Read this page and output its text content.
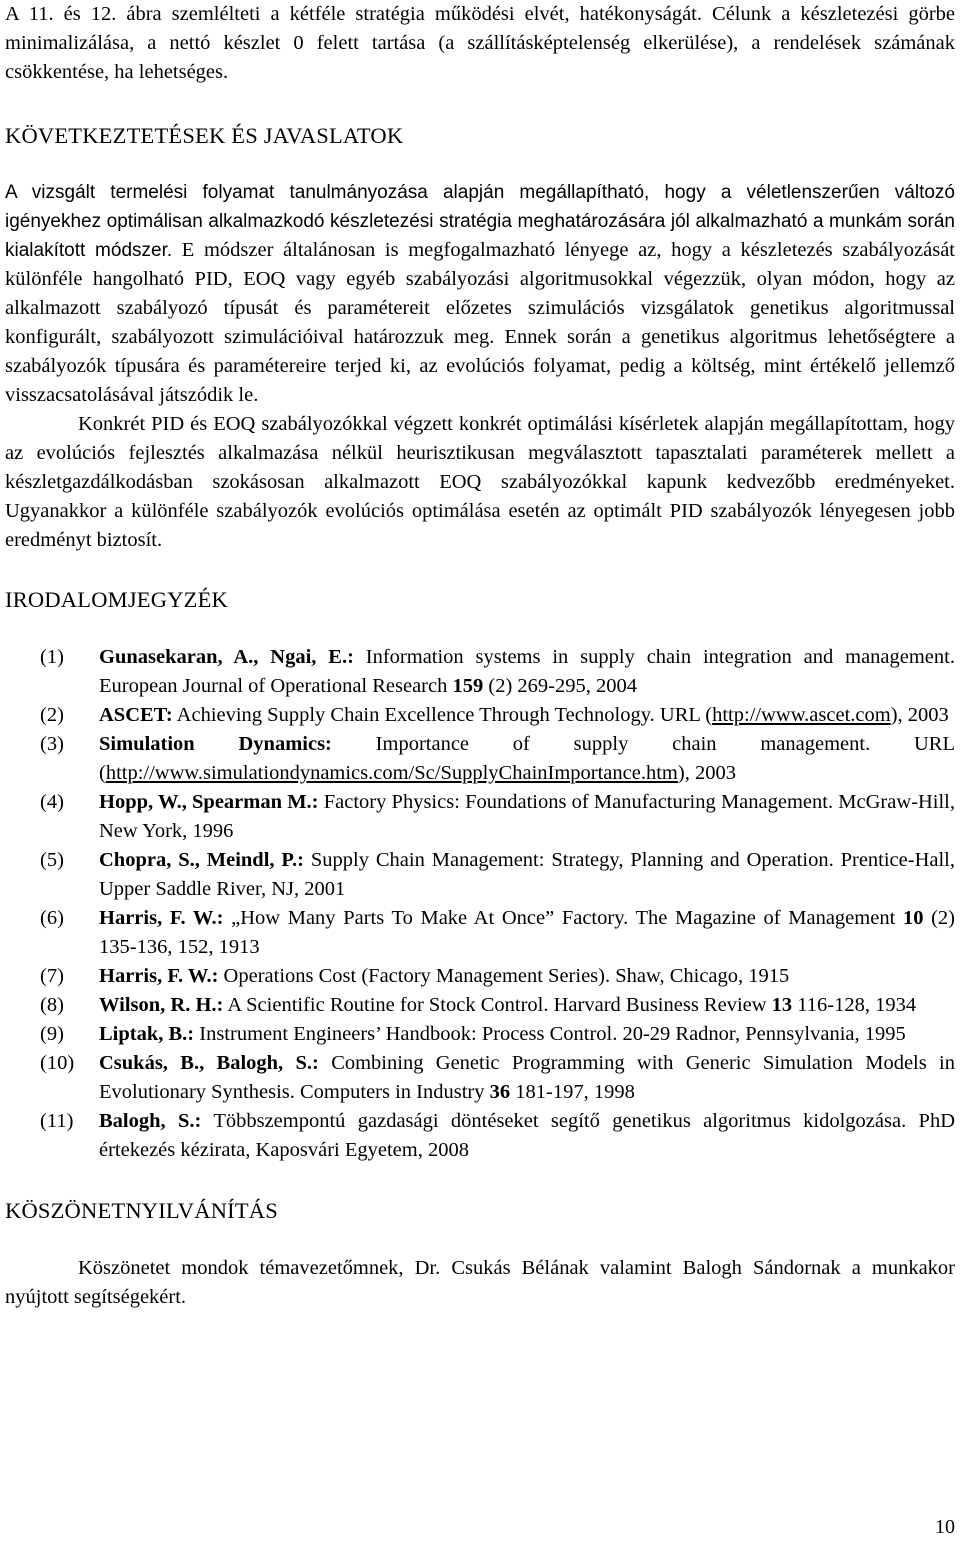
A 11. és 12. ábra szemlélteti a kétféle stratégia működési elvét, hatékonyságát. Célunk a készletezési görbe minimalizálása, a nettó készlet 0 felett tartása (a szállításképtelenség elkerülése), a rendelések számának csökkentése, ha lehetséges.

KÖVETKEZTETÉSEK ÉS JAVASLATOK

A vizsgált termelési folyamat tanulmányozása alapján megállapítható, hogy a véletlenszerűen változó igényekhez optimálisan alkalmazkodó készletezési stratégia meghatározására jól alkalmazható a munkám során kialakított módszer. E módszer általánosan is megfogalmazható lényege az, hogy a készletezés szabályozását különféle hangolható PID, EOQ vagy egyéb szabályozási algoritmusokkal végezzük, olyan módon, hogy az alkalmazott szabályozó típusát és paramétereit előzetes szimulációs vizsgálatok genetikus algoritmussal konfigurált, szabályozott szimulációival határozzuk meg. Ennek során a genetikus algoritmus lehetőségtere a szabályozók típusára és paramétereire terjed ki, az evolúciós folyamat, pedig a költség, mint értékelő jellemző visszacsatolásával játszódik le.

Konkrét PID és EOQ szabályozókkal végzett konkrét optimálási kísérletek alapján megállapítottam, hogy az evolúciós fejlesztés alkalmazása nélkül heurisztikusan megválasztott tapasztalati paraméterek mellett a készletgazdálkodásban szokásosan alkalmazott EOQ szabályozókkal kapunk kedvezőbb eredményeket. Ugyanakkor a különféle szabályozók evolúciós optimálása esetén az optimált PID szabályozók lényegesen jobb eredményt biztosít.

IRODALOMJEGYZÉK
(1) Gunasekaran, A., Ngai, E.: Information systems in supply chain integration and management. European Journal of Operational Research 159 (2) 269-295, 2004
(2) ASCET: Achieving Supply Chain Excellence Through Technology. URL (http://www.ascet.com), 2003
(3) Simulation Dynamics: Importance of supply chain management. URL (http://www.simulationdynamics.com/Sc/SupplyChainImportance.htm), 2003
(4) Hopp, W., Spearman M.: Factory Physics: Foundations of Manufacturing Management. McGraw-Hill, New York, 1996
(5) Chopra, S., Meindl, P.: Supply Chain Management: Strategy, Planning and Operation. Prentice-Hall, Upper Saddle River, NJ, 2001
(6) Harris, F. W.: „How Many Parts To Make At Once” Factory. The Magazine of Management 10 (2) 135-136, 152, 1913
(7) Harris, F. W.: Operations Cost (Factory Management Series). Shaw, Chicago, 1915
(8) Wilson, R. H.: A Scientific Routine for Stock Control. Harvard Business Review 13 116-128, 1934
(9) Liptak, B.: Instrument Engineers’ Handbook: Process Control. 20-29 Radnor, Pennsylvania, 1995
(10) Csukás, B., Balogh, S.: Combining Genetic Programming with Generic Simulation Models in Evolutionary Synthesis. Computers in Industry 36 181-197, 1998
(11) Balogh, S.: Többszempontú gazdasági döntéseket segítő genetikus algoritmus kidolgozása. PhD értekezés kézirata, Kaposvári Egyetem, 2008
KÖSZÖNETNYILVÁNÍTÁS

Köszönetet mondok témavezetőmnek, Dr. Csukás Bélának valamint Balogh Sándornak a munkakor nyújtott segítségekért.

10
